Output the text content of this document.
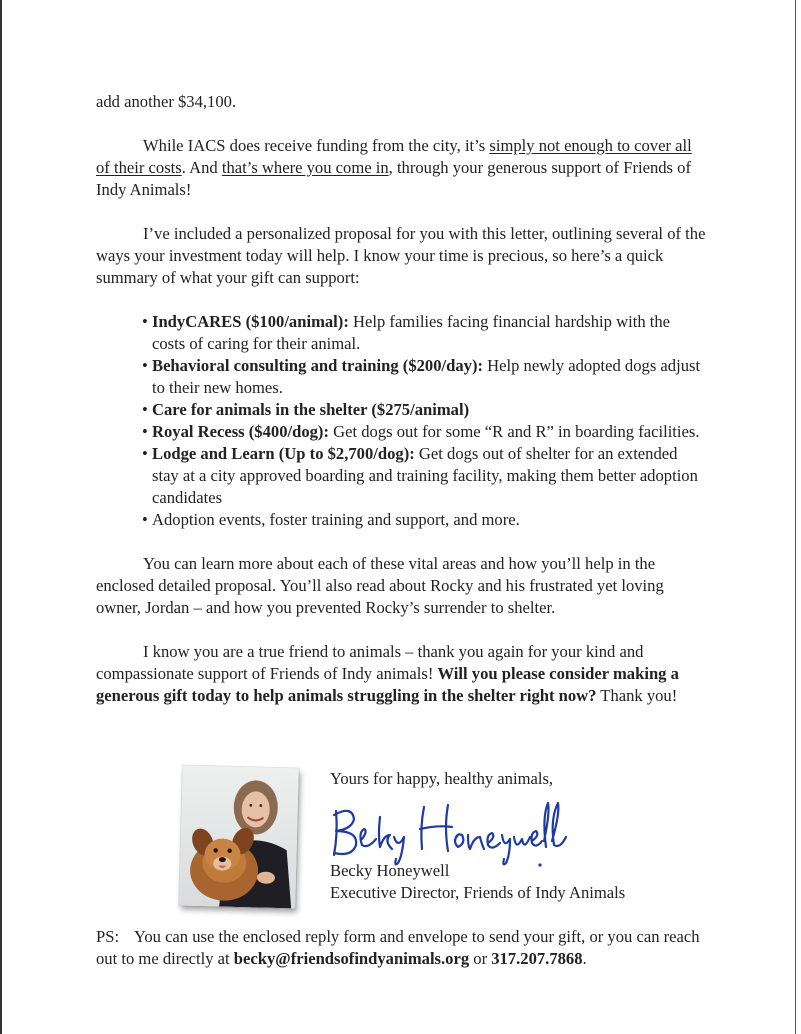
add another $34,100.

While IACS does receive funding from the city, it’s simply not enough to cover all of their costs. And that’s where you come in, through your generous support of Friends of Indy Animals!

I’ve included a personalized proposal for you with this letter, outlining several of the ways your investment today will help. I know your time is precious, so here’s a quick summary of what your gift can support:

• IndyCARES ($100/animal): Help families facing financial hardship with the costs of caring for their animal.
• Behavioral consulting and training ($200/day): Help newly adopted dogs adjust to their new homes.
• Care for animals in the shelter ($275/animal)
• Royal Recess ($400/dog): Get dogs out for some “R and R” in boarding facilities.
• Lodge and Learn (Up to $2,700/dog): Get dogs out of shelter for an extended stay at a city approved boarding and training facility, making them better adoption candidates
• Adoption events, foster training and support, and more.

You can learn more about each of these vital areas and how you’ll help in the enclosed detailed proposal. You’ll also read about Rocky and his frustrated yet loving owner, Jordan – and how you prevented Rocky’s surrender to shelter.

I know you are a true friend to animals – thank you again for your kind and compassionate support of Friends of Indy animals! Will you please consider making a generous gift today to help animals struggling in the shelter right now? Thank you!

Yours for happy, healthy animals,

Becky Honeywell
Executive Director, Friends of Indy Animals

PS: You can use the enclosed reply form and envelope to send your gift, or you can reach out to me directly at becky@friendsofindyanimals.org or 317.207.7868.
